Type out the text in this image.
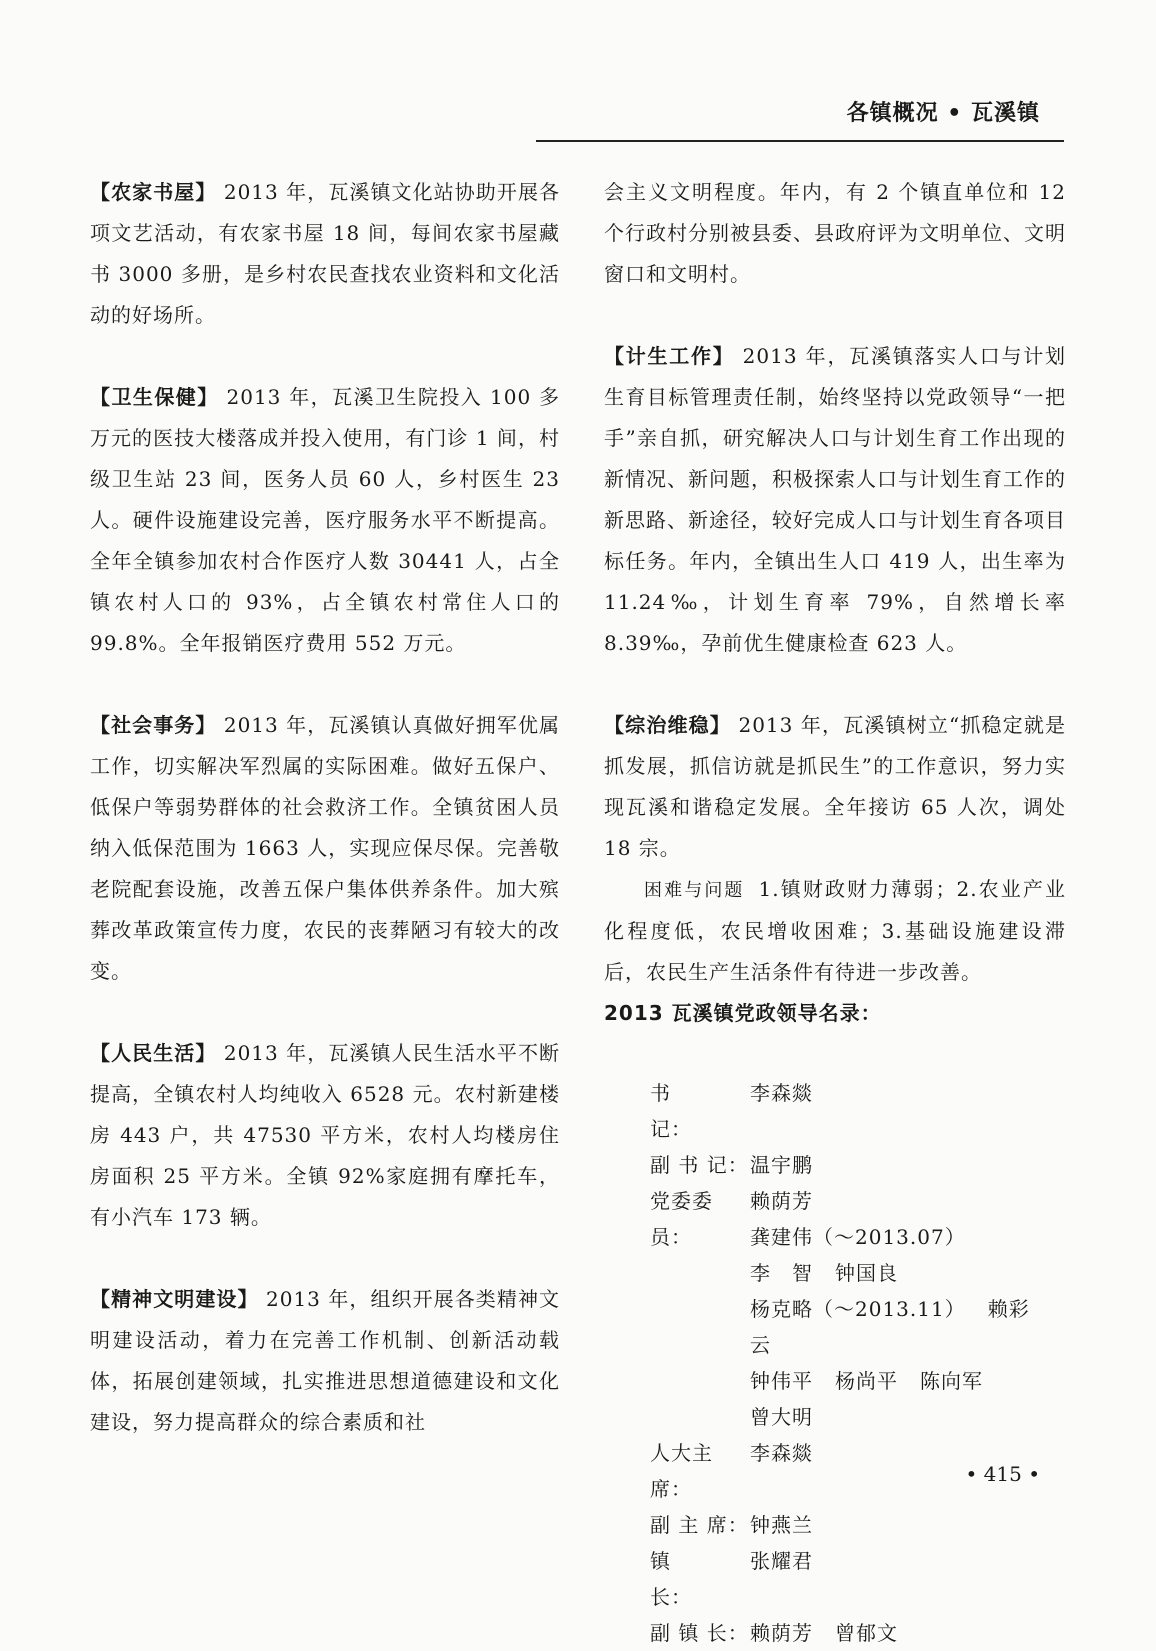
各镇概况 • 瓦溪镇

【农家书屋】 2013 年，瓦溪镇文化站协助开展各项文艺活动，有农家书屋 18 间，每间农家书屋藏书 3000 多册，是乡村农民查找农业资料和文化活动的好场所。

【卫生保健】 2013 年，瓦溪卫生院投入 100 多万元的医技大楼落成并投入使用，有门诊 1 间，村级卫生站 23 间，医务人员 60 人，乡村医生 23 人。硬件设施建设完善，医疗服务水平不断提高。全年全镇参加农村合作医疗人数 30441 人，占全镇农村人口的 93%，占全镇农村常住人口的 99.8%。全年报销医疗费用 552 万元。

【社会事务】 2013 年，瓦溪镇认真做好拥军优属工作，切实解决军烈属的实际困难。做好五保户、低保户等弱势群体的社会救济工作。全镇贫困人员纳入低保范围为 1663 人，实现应保尽保。完善敬老院配套设施，改善五保户集体供养条件。加大殡葬改革政策宣传力度，农民的丧葬陋习有较大的改变。

【人民生活】 2013 年，瓦溪镇人民生活水平不断提高，全镇农村人均纯收入 6528 元。农村新建楼房 443 户，共 47530 平方米，农村人均楼房住房面积 25 平方米。全镇 92%家庭拥有摩托车，有小汽车 173 辆。

【精神文明建设】 2013 年，组织开展各类精神文明建设活动，着力在完善工作机制、创新活动载体，拓展创建领域，扎实推进思想道德建设和文化建设，努力提高群众的综合素质和社

会主义文明程度。年内，有 2 个镇直单位和 12 个行政村分别被县委、县政府评为文明单位、文明窗口和文明村。

【计生工作】 2013 年，瓦溪镇落实人口与计划生育目标管理责任制，始终坚持以党政领导“一把手”亲自抓，研究解决人口与计划生育工作出现的新情况、新问题，积极探索人口与计划生育工作的新思路、新途径，较好完成人口与计划生育各项目标任务。年内，全镇出生人口 419 人，出生率为 11.24‰，计划生育率 79%，自然增长率 8.39‰，孕前优生健康检查 623 人。

【综治维稳】 2013 年，瓦溪镇树立“抓稳定就是抓发展，抓信访就是抓民生”的工作意识，努力实现瓦溪和谐稳定发展。全年接访 65 人次，调处 18 宗。

困难与问题 1.镇财政财力薄弱；2.农业产业化程度低，农民增收困难；3.基础设施建设滞后，农民生产生活条件有待进一步改善。

2013 瓦溪镇党政领导名录：

书　　记：
李森燚
副 书 记： 温宇鹏
党委委员：
赖荫芳龚建伟（～2013.07）
李　智 钟国良
杨克略（～2013.11） 赖彩云
钟伟平 杨尚平 陈向军
曾大明
人大主席：
李森燚
副 主 席： 钟燕兰
镇　　长：
张耀君
副 镇 长： 赖荫芳 曾郁文
• 415 •
